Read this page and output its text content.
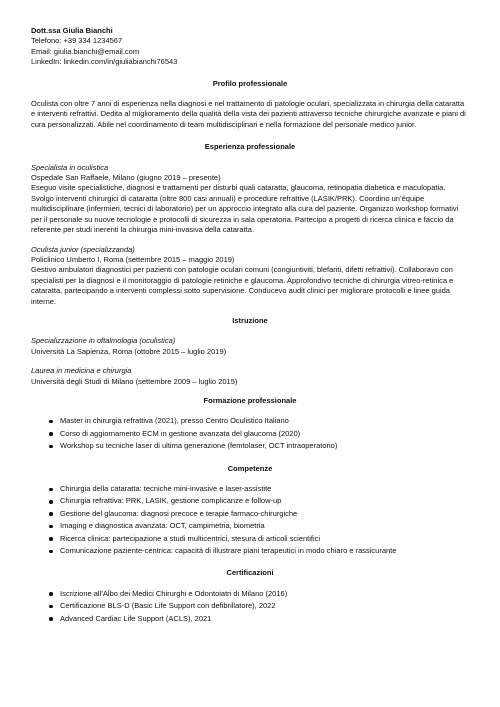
Dott.ssa Giulia Bianchi

Telefono: +39 334 1234567

Email: giulia.bianchi@email.com

LinkedIn: linkedin.com/in/giuliabianchi76543

Profilo professionale

Oculista con oltre 7 anni di esperienza nella diagnosi e nel trattamento di patologie oculari, specializzata in chirurgia della cataratta e interventi refrattivi. Dedita al miglioramento della qualità della vista dei pazienti attraverso tecniche chirurgiche avanzate e piani di cura personalizzati. Abile nel coordinamento di team multidisciplinari e nella formazione del personale medico junior.

Esperienza professionale

Specialista in oculistica

Ospedale San Raffaele, Milano (giugno 2019 – presente)

Eseguo visite specialistiche, diagnosi e trattamenti per disturbi quali cataratta, glaucoma, retinopatia diabetica e maculopatia. Svolgo interventi chirurgici di cataratta (oltre 800 casi annuali) e procedure refrattive (LASIK/PRK). Coordino un’équipe multidisciplinare (infermieri, tecnici di laboratorio) per un approccio integrato alla cura del paziente. Organizzo workshop formativi per il personale su nuove tecnologie e protocolli di sicurezza in sala operatoria. Partecipo a progetti di ricerca clinica e faccio da referente per studi inerenti la chirurgia mini-invasiva della cataratta.

Oculista junior (specializzanda)

Policlinico Umberto I, Roma (settembre 2015 – maggio 2019)

Gestivo ambulatori diagnostici per pazienti con patologie oculari comuni (congiuntiviti, blefariti, difetti refrattivi). Collaboravo con specialisti per la diagnosi e il monitoraggio di patologie retiniche e glaucoma. Approfondivo tecniche di chirurgia vitreo-retinica e cataratta, partecipando a interventi complessi sotto supervisione. Conducevo audit clinici per migliorare protocolli e linee guida interne.

Istruzione

Specializzazione in oftalmologia (oculistica)

Università La Sapienza, Roma (ottobre 2015 – luglio 2019)

Laurea in medicina e chirurgia

Università degli Studi di Milano (settembre 2009 – luglio 2015)

Formazione professionale

Master in chirurgia refrattiva (2021), presso Centro Oculistico Italiano
Corso di aggiornamento ECM in gestione avanzata del glaucoma (2020)
Workshop su tecniche laser di ultima generazione (femtolaser, OCT intraoperatorio)

Competenze

Chirurgia della cataratta: tecniche mini-invasive e laser-assistite
Chirurgia refrattiva: PRK, LASIK, gestione complicanze e follow-up
Gestione del glaucoma: diagnosi precoce e terapie farmaco-chirurgiche
Imaging e diagnostica avanzata: OCT, campimetria, biometria
Ricerca clinica: partecipazione a studi multicentrici, stesura di articoli scientifici
Comunicazione paziente-centrica: capacità di illustrare piani terapeutici in modo chiaro e rassicurante

Certificazioni

Iscrizione all’Albo dei Medici Chirurghi e Odontoiatri di Milano (2016)
Certificazione BLS-D (Basic Life Support con defibrillatore), 2022
Advanced Cardiac Life Support (ACLS), 2021
